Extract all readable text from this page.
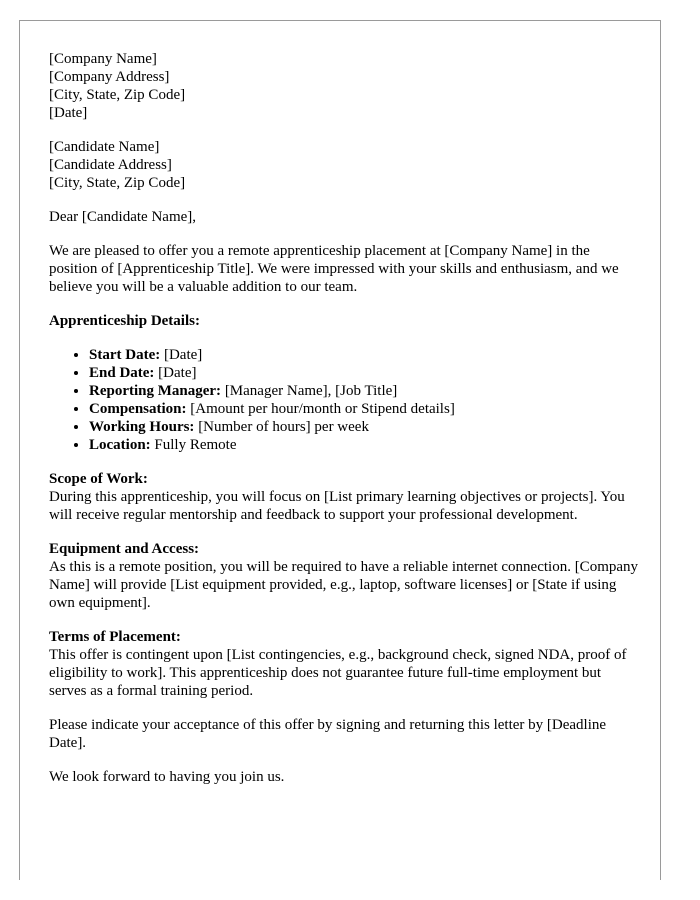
[Company Name]
[Company Address]
[City, State, Zip Code]
[Date]
[Candidate Name]
[Candidate Address]
[City, State, Zip Code]

Dear [Candidate Name],

We are pleased to offer you a remote apprenticeship placement at [Company Name] in the position of [Apprenticeship Title]. We were impressed with your skills and enthusiasm, and we believe you will be a valuable addition to our team.

Apprenticeship Details:

• Start Date: [Date]
• End Date: [Date]
• Reporting Manager: [Manager Name], [Job Title]
• Compensation: [Amount per hour/month or Stipend details]
• Working Hours: [Number of hours] per week
• Location: Fully Remote
Scope of Work:
During this apprenticeship, you will focus on [List primary learning objectives or projects]. You will receive regular mentorship and feedback to support your professional development.
Equipment and Access:
As this is a remote position, you will be required to have a reliable internet connection. [Company Name] will provide [List equipment provided, e.g., laptop, software licenses] or [State if using own equipment].
Terms of Placement:
This offer is contingent upon [List contingencies, e.g., background check, signed NDA, proof of eligibility to work]. This apprenticeship does not guarantee future full-time employment but serves as a formal training period.

Please indicate your acceptance of this offer by signing and returning this letter by [Deadline Date].

We look forward to having you join us.
